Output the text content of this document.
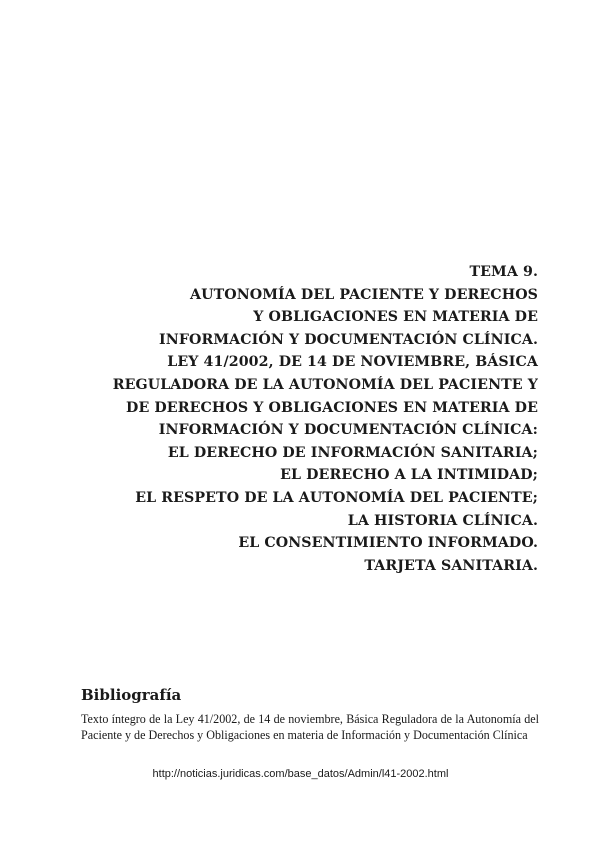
TEMA 9.
AUTONOMÍA DEL PACIENTE Y DERECHOS
Y OBLIGACIONES EN MATERIA DE
INFORMACIÓN Y DOCUMENTACIÓN CLÍNICA.
LEY 41/2002, DE 14 DE NOVIEMBRE, BÁSICA
REGULADORA DE LA AUTONOMÍA DEL PACIENTE Y
DE DERECHOS Y OBLIGACIONES EN MATERIA DE
INFORMACIÓN Y DOCUMENTACIÓN CLÍNICA:
EL DERECHO DE INFORMACIÓN SANITARIA;
EL DERECHO A LA INTIMIDAD;
EL RESPETO DE LA AUTONOMÍA DEL PACIENTE;
LA HISTORIA CLÍNICA.
EL CONSENTIMIENTO INFORMADO.
TARJETA SANITARIA.
Bibliografía

Texto íntegro de la Ley 41/2002, de 14 de noviembre, Básica Reguladora de la Autonomía del Paciente y de Derechos y Obligaciones en materia de Información y Documentación Clínica

http://noticias.juridicas.com/base_datos/Admin/l41-2002.html
